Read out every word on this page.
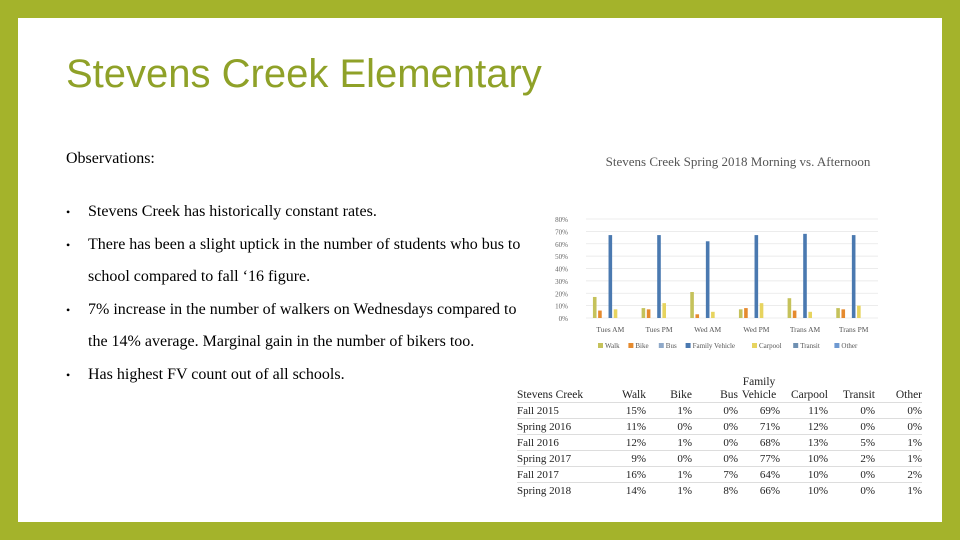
Stevens Creek Elementary
Observations:
• Stevens Creek has historically constant rates.
• There has been a slight uptick in the number of students who bus to school compared to fall ‘16 figure.
• 7% increase in the number of walkers on Wednesdays compared to the 14% average. Marginal gain in the number of bikers too.
• Has highest FV count out of all schools.
Stevens Creek Spring 2018 Morning vs. Afternoon
0%
10%
20%
30%
40%
50%
60%
70%
80%
Tues AM	Tues PM	Wed AM	Wed PM	Trans AM Trans PM
Walk Bike Bus Family Vehicle	Carpool	Transit	Other
Stevens Creek	Walk	Bike	Bus	Family Vehicle	Carpool	Transit	Other
Fall 2015	15%	1%	0%	69%	11%	0%	0%
Spring 2016	11%	0%	0%	71%	12%	0%	0%
Fall 2016	12%	1%	0%	68%	13%	5%	1%
Spring 2017	9%	0%	0%	77%	10%	2%	1%
Fall 2017	16%	1%	7%	64%	10%	0%	2%
Spring 2018	14%	1%	8%	66%	10%	0%	1%
